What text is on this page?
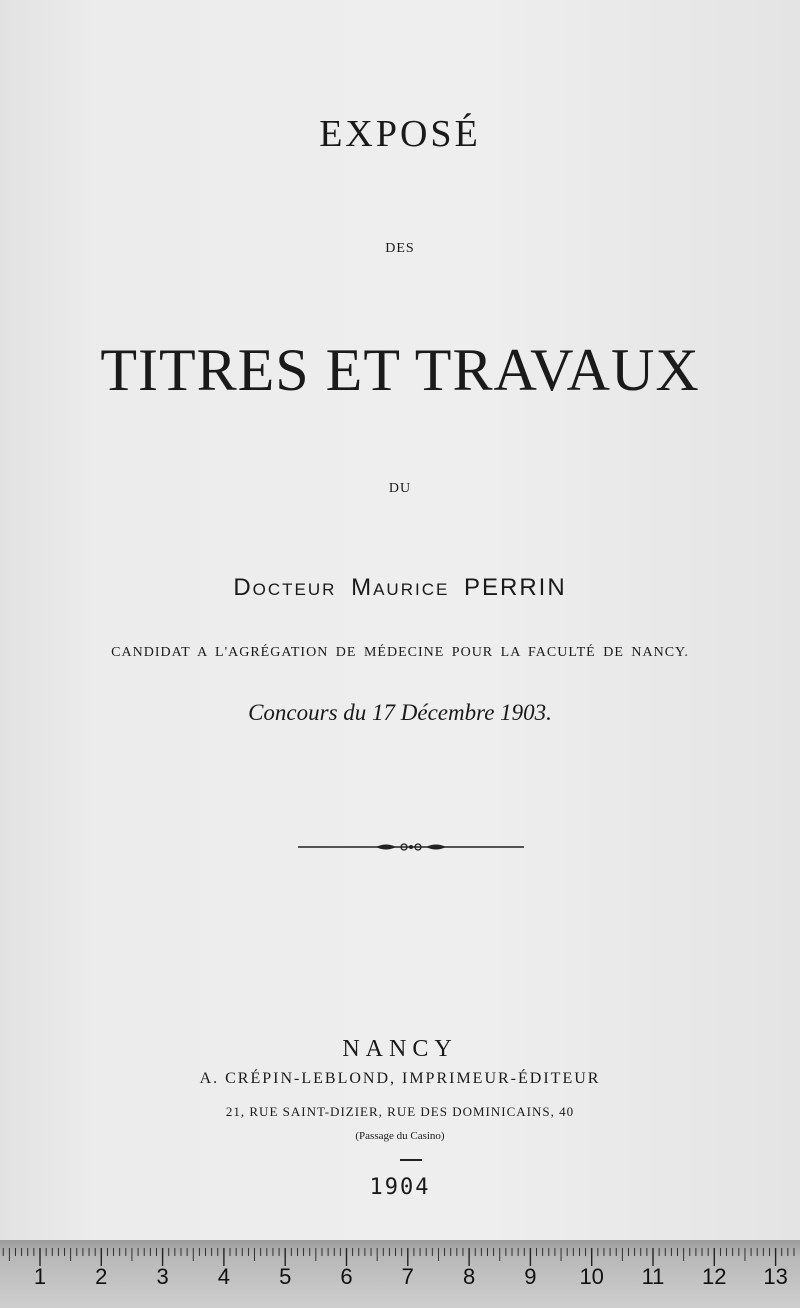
EXPOSÉ
DES
TITRES ET TRAVAUX
DU
Docteur Maurice PERRIN
CANDIDAT A L'AGRÉGATION DE MÉDECINE POUR LA FACULTÉ DE NANCY.
Concours du 17 Décembre 1903.
NANCY
A. CRÉPIN-LEBLOND, IMPRIMEUR-ÉDITEUR
21, RUE SAINT-DIZIER, RUE DES DOMINICAINS, 40
(Passage du Casino)
1904
1 2 3 4 5 6 7 8 9 10 11 12 13
